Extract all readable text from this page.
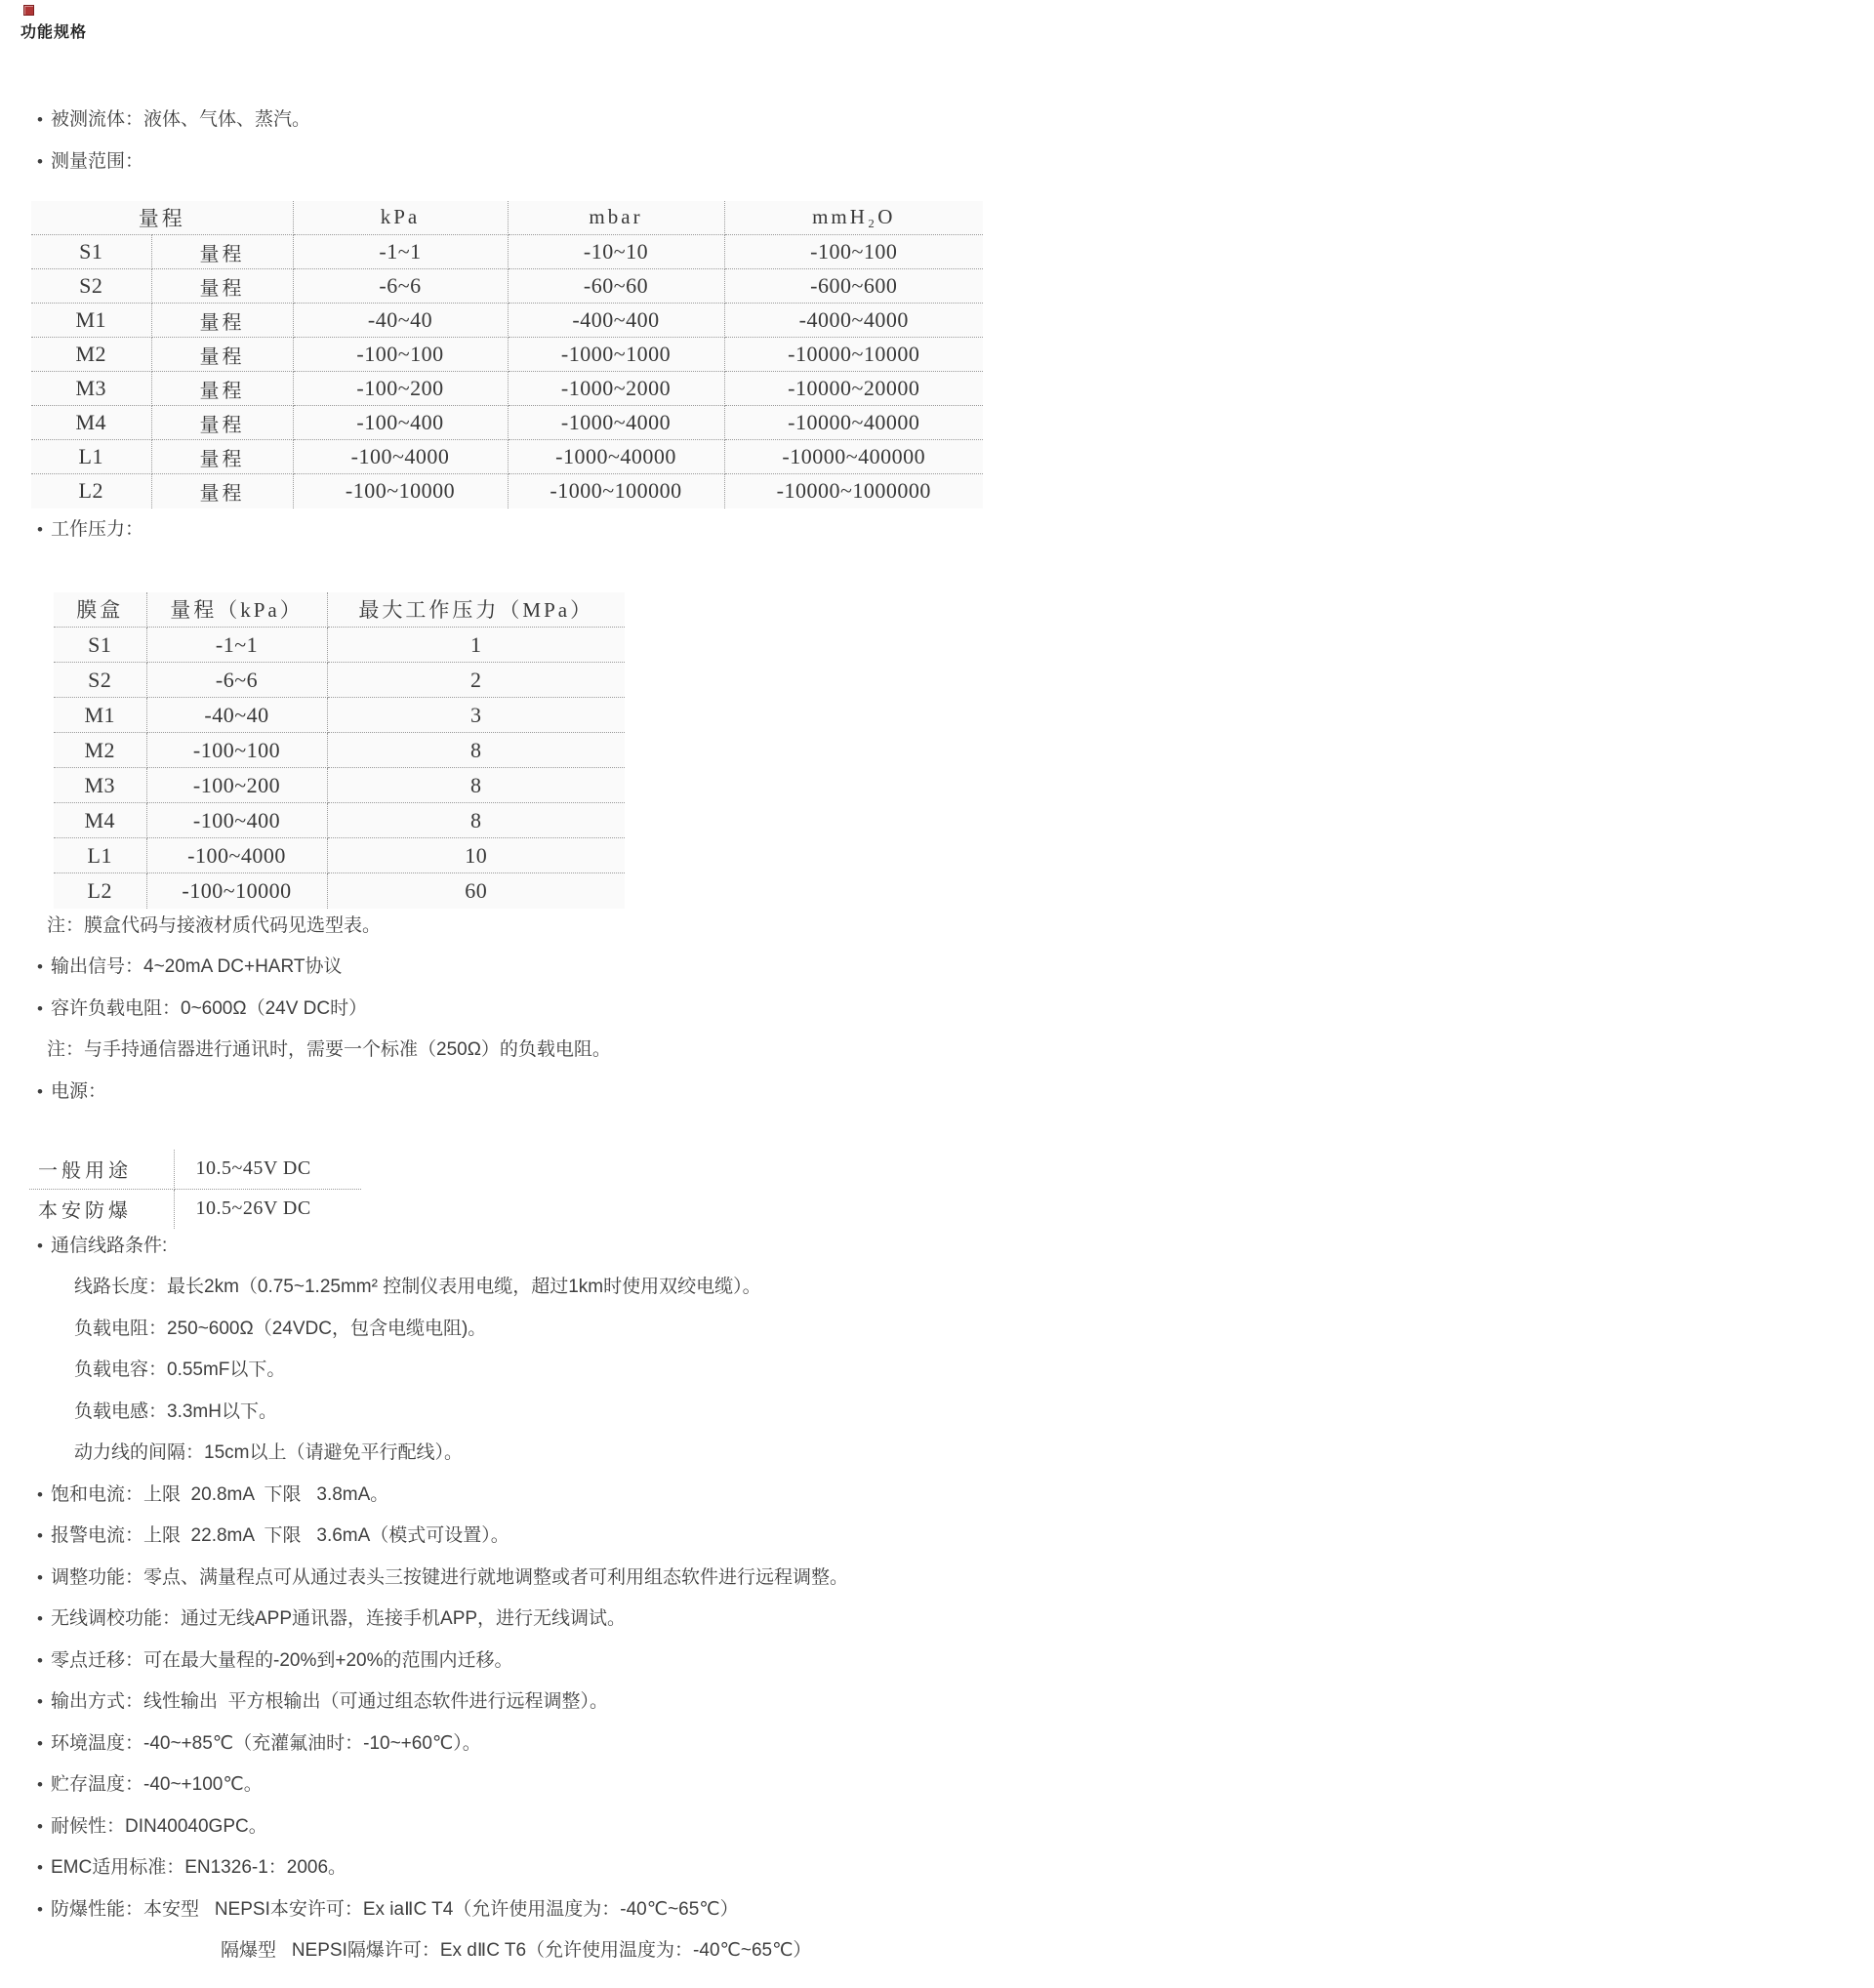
功能规格
• 被测流体：液体、气体、蒸汽。
• 测量范围：
量程		kPa	mbar	mmH₂O
S1	量程	-1~1	-10~10	-100~100
S2	量程	-6~6	-60~60	-600~600
M1	量程	-40~40	-400~400	-4000~4000
M2	量程	-100~100	-1000~1000	-10000~10000
M3	量程	-100~200	-1000~2000	-10000~20000
M4	量程	-100~400	-1000~4000	-10000~40000
L1	量程	-100~4000	-1000~40000	-10000~400000
L2	量程	-100~10000	-1000~100000	-10000~1000000
• 工作压力：
膜盒	量程（kPa）	最大工作压力（MPa）
S1	-1~1	1
S2	-6~6	2
M1	-40~40	3
M2	-100~100	8
M3	-100~200	8
M4	-100~400	8
L1	-100~4000	10
L2	-100~10000	60
注：膜盒代码与接液材质代码见选型表。
• 输出信号：4~20mA DC+HART协议
• 容许负载电阻：0~600Ω（24V DC时）
注：与手持通信器进行通讯时，需要一个标准（250Ω）的负载电阻。
• 电源：
一般用途	10.5~45V DC
本安防爆	10.5~26V DC
• 通信线路条件:
线路长度：最长2km（0.75~1.25mm² 控制仪表用电缆，超过1km时使用双绞电缆）。
负载电阻：250~600Ω（24VDC，包含电缆电阻)。
负载电容：0.55mF以下。
负载电感：3.3mH以下。
动力线的间隔：15cm以上（请避免平行配线）。
• 饱和电流：上限  20.8mA  下限   3.8mA。
• 报警电流：上限  22.8mA  下限   3.6mA（模式可设置）。
• 调整功能：零点、满量程点可从通过表头三按键进行就地调整或者可利用组态软件进行远程调整。
• 无线调校功能：通过无线APP通讯器，连接手机APP，进行无线调试。
• 零点迁移：可在最大量程的-20%到+20%的范围内迁移。
• 输出方式：线性输出  平方根输出（可通过组态软件进行远程调整）。
• 环境温度：-40~+85℃（充灌氟油时：-10~+60℃）。
• 贮存温度：-40~+100℃。
• 耐候性：DIN40040GPC。
• EMC适用标准：EN1326-1：2006。
• 防爆性能：本安型   NEPSI本安许可：Ex iaⅡC T4（允许使用温度为：-40℃~65℃）
隔爆型   NEPSI隔爆许可：Ex dⅡC T6（允许使用温度为：-40℃~65℃）
